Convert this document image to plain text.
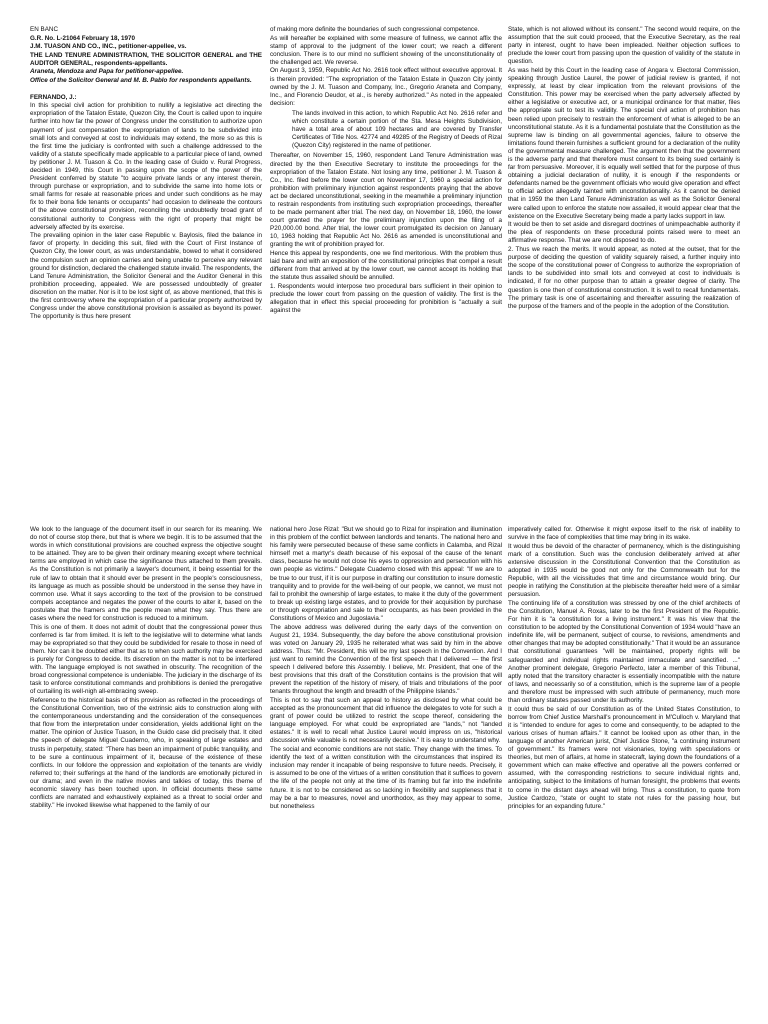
EN BANC

G.R. No. L-21064 February 18, 1970

J.M. TUASON AND CO., INC., petitioner-appellee, vs.

THE LAND TENURE ADMINISTRATION, THE SOLICITOR GENERAL and THE AUDITOR GENERAL, respondents-appellants.

Araneta, Mendoza and Papa for petitioner-appellee.

Office of the Solicitor General and M. B. Pablo for respondents appellants.

FERNANDO, J.:

In this special civil action for prohibition to nullify a legislative act directing the expropriation of the Tatalon Estate, Quezon City, the Court is called upon to inquire further into how far the power of Congress under the constitution to authorize upon payment of just compensation the expropriation of lands to be subdivided into small lots and conveyed at cost to individuals may extend, the more so as this is the first time the judiciary is confronted with such a challenge addressed to the validity of a statute specifically made applicable to a particular piece of land, owned by petitioner J. M. Tuason & Co. In the leading case of Guido v. Rural Progress, decided in 1949, this Court in passing upon the scope of the power of the President conferred by statute "to acquire private lands or any interest therein, through purchase or expropriation, and to subdivide the same into home lots or small farms for resale at reasonable prices and under such conditions as he may fix to their bona fide tenants or occupants" had occasion to delineate the contours of the above constitutional provision, reconciling the undoubtedly broad grant of constitutional authority to Congress with the right of property that might be adversely affected by its exercise.

The prevailing opinion in the later case Republic v. Baylosis, filed the balance in favor of property. In deciding this suit, filed with the Court of First Instance of Quezon City, the lower court, as was understandable, bowed to what it considered the compulsion such an opinion carries and being unable to perceive any relevant ground for distinction, declared the challenged statute invalid. The respondents, the Land Tenure Administration, the Solicitor General and the Auditor General in this prohibition proceeding, appealed. We are possessed undoubtedly of greater discretion on the matter. Nor is it to be lost sight of, as above mentioned, that this is the first controversy where the expropriation of a particular property authorized by Congress under the above constitutional provision is assailed as beyond its power. The opportunity is thus here present

of making more definite the boundaries of such congressional competence.

As will hereafter be explained with some measure of fullness, we cannot affix the stamp of approval to the judgment of the lower court; we reach a different conclusion. There is to our mind no sufficient showing of the unconstitutionality of the challenged act. We reverse.

On August 3, 1959, Republic Act No. 2616 took effect without executive approval. It is therein provided: "The expropriation of the Tatalon Estate in Quezon City jointly owned by the J. M. Tuason and Company, Inc., Gregorio Araneta and Company, Inc., and Florencio Deudor, et al., is hereby authorized." As noted in the appealed decision:

The lands involved in this action, to which Republic Act No. 2616 refer and which constitute a certain portion of the Sta. Mesa Heights Subdivision, have a total area of about 109 hectares and are covered by Transfer Certificates of Title Nos. 42774 and 49285 of the Registry of Deeds of Rizal (Quezon City) registered in the name of petitioner.

Thereafter, on November 15, 1960, respondent Land Tenure Administration was directed by the then Executive Secretary to institute the proceedings for the expropriation of the Tatalon Estate. Not losing any time, petitioner J. M. Tuason & Co., Inc. filed before the lower court on November 17, 1960 a special action for prohibition with preliminary injunction against respondents praying that the above act be declared unconstitutional, seeking in the meanwhile a preliminary injunction to restrain respondents from instituting such expropriation proceedings, thereafter to be made permanent after trial. The next day, on November 18, 1960, the lower court granted the prayer for the preliminary injunction upon the filing of a P20,000.00 bond. After trial, the lower court promulgated its decision on January 10, 1963 holding that Republic Act No. 2616 as amended is unconstitutional and granting the writ of prohibition prayed for.

Hence this appeal by respondents, one we find meritorious. With the problem thus laid bare and with an exposition of the constitutional principles that compel a result different from that arrived at by the lower court, we cannot accept its holding that the statute thus assailed should be annulled.

1. Respondents would interpose two procedural bars sufficient in their opinion to preclude the lower court from passing on the question of validity. The first is the allegation that in effect this special proceeding for prohibition is "actually a suit against the

State, which is not allowed without its consent." The second would require, on the assumption that the suit could proceed, that the Executive Secretary, as the real party in interest, ought to have been impleaded. Neither objection suffices to preclude the lower court from passing upon the question of validity of the statute in question.

As was held by this Court in the leading case of Angara v. Electoral Commission, speaking through Justice Laurel, the power of judicial review is granted, if not expressly, at least by clear implication from the relevant provisions of the Constitution. This power may be exercised when the party adversely affected by either a legislative or executive act, or a municipal ordinance for that matter, files the appropriate suit to test its validity. The special civil action of prohibition has been relied upon precisely to restrain the enforcement of what is alleged to be an unconstitutional statute. As it is a fundamental postulate that the Constitution as the supreme law is binding on all governmental agencies, failure to observe the limitations found therein furnishes a sufficient ground for a declaration of the nullity of the governmental measure challenged. The argument then that the government is the adverse party and that therefore must consent to its being sued certainly is far from persuasive. Moreover, it is equally well settled that for the purpose of thus obtaining a judicial declaration of nullity, it is enough if the respondents or defendants named be the government officials who would give operation and effect to official action allegedly tainted with unconstitutionality. As it cannot be denied that in 1959 the then Land Tenure Administration as well as the Solicitor General were called upon to enforce the statute now assailed, it would appear clear that the existence on the Executive Secretary being made a party lacks support in law.

It would be then to set aside and disregard doctrines of unimpeachable authority if the plea of respondents on these procedural points raised were to meet an affirmative response. That we are not disposed to do.

2. Thus we reach the merits. It would appear, as noted at the outset, that for the purpose of deciding the question of validity squarely raised, a further inquiry into the scope of the constitutional power of Congress to authorize the expropriation of lands to be subdivided into small lots and conveyed at cost to individuals is indicated, if for no other purpose than to attain a greater degree of clarity. The question is one then of constitutional construction. It is well to recall fundamentals. The primary task is one of ascertaining and thereafter assuring the realization of the purpose of the framers and of the people in the adoption of the Constitution.

We look to the language of the document itself in our search for its meaning. We do not of course stop there, but that is where we begin. It is to be assumed that the words in which constitutional provisions are couched express the objective sought to be attained. They are to be given their ordinary meaning except where technical terms are employed in which case the significance thus attached to them prevails. As the Constitution is not primarily a lawyer's document, it being essential for the rule of law to obtain that it should ever be present in the people's consciousness, its language as much as possible should be understood in the sense they have in common use. What it says according to the text of the provision to be construed compels acceptance and negates the power of the courts to alter it, based on the postulate that the framers and the people mean what they say. Thus there are cases where the need for construction is reduced to a minimum.

This is one of them. It does not admit of doubt that the congressional power thus conferred is far from limited. It is left to the legislative will to determine what lands may be expropriated so that they could be subdivided for resale to those in need of them. Nor can it be doubted either that as to when such authority may be exercised is purely for Congress to decide. Its discretion on the matter is not to be interfered with. The language employed is not swathed in obscurity. The recognition of the broad congressional competence is undeniable. The judiciary in the discharge of its task to enforce constitutional commands and prohibitions is denied the prerogative of curtailing its well-nigh all-embracing sweep.

Reference to the historical basis of this provision as reflected in the proceedings of the Constitutional Convention, two of the extrinsic aids to construction along with the contemporaneous understanding and the consideration of the consequences that flow from the interpretation under consideration, yields additional light on the matter. The opinion of Justice Tuason, in the Guido case did precisely that. It cited the speech of delegate Miguel Cuaderno, who, in speaking of large estates and trusts in perpetuity, stated: "There has been an impairment of public tranquility, and to be sure a continuous impairment of it, because of the existence of these conflicts. In our folklore the oppression and exploitation of the tenants are vividly referred to; their sufferings at the hand of the landlords are emotionally pictured in our drama; and even in the native movies and talkies of today, this theme of economic slavery has been touched upon. In official documents these same conflicts are narrated and exhaustively explained as a threat to social order and stability." He invoked likewise what happened to the family of our

national hero Jose Rizal: "But we should go to Rizal for inspiration and illumination in this problem of the conflict between landlords and tenants. The national hero and his family were persecuted because of these same conflicts in Calamba, and Rizal himself met a martyr's death because of his exposal of the cause of the tenant class, because he would not close his eyes to oppression and persecution with his own people as victims." Delegate Cuaderno closed with this appeal: "If we are to be true to our trust, if it is our purpose in drafting our constitution to insure domestic tranquility and to provide for the well-being of our people, we cannot, we must not fail to prohibit the ownership of large estates, to make it the duty of the government to break up existing large estates, and to provide for their acquisition by purchase or through expropriation and sale to their occupants, as has been provided in the Constitutions of Mexico and Jugoslavia."

The above address was delivered during the early days of the convention on August 21, 1934. Subsequently, the day before the above constitutional provision was voted on January 29, 1935 he reiterated what was said by him in the above address. Thus: "Mr. President, this will be my last speech in the Convention. And I just want to remind the Convention of the first speech that I delivered — the first speech I delivered before this Assembly. I believe, Mr. President, that one of the best provisions that this draft of the Constitution contains is the provision that will prevent the repetition of the history of misery, of trials and tribulations of the poor tenants throughout the length and breadth of the Philippine Islands."

This is not to say that such an appeal to history as disclosed by what could be accepted as the pronouncement that did influence the delegates to vote for such a grant of power could be utilized to restrict the scope thereof, considering the language employed. For what could be expropriated are "lands," not "landed estates." It is well to recall what Justice Laurel would impress on us, "historical discussion while valuable is not necessarily decisive." It is easy to understand why.

The social and economic conditions are not static. They change with the times. To identify the text of a written constitution with the circumstances that inspired its inclusion may render it incapable of being responsive to future needs. Precisely, it is assumed to be one of the virtues of a written constitution that it suffices to govern the life of the people not only at the time of its framing but far into the indefinite future. It is not to be considered as so lacking in flexibility and suppleness that it may be a bar to measures, novel and unorthodox, as they may appear to some, but nonetheless

imperatively called for. Otherwise it might expose itself to the risk of inability to survive in the face of complexities that time may bring in its wake.

It would thus be devoid of the character of permanency, which is the distinguishing mark of a constitution. Such was the conclusion deliberately arrived at after extensive discussion in the Constitutional Convention that the Constitution as adopted in 1935 would be good not only for the Commonwealth but for the Republic, with all the vicissitudes that time and circumstance would bring. Our people in ratifying the Constitution at the plebiscite thereafter held were of a similar persuasion.

The continuing life of a constitution was stressed by one of the chief architects of the Constitution, Manuel A. Roxas, later to be the first President of the Republic. For him it is "a constitution for a living instrument." It was his view that the constitution to be adopted by the Constitutional Convention of 1934 would "have an indefinite life, will be permanent, subject of course, to revisions, amendments and other changes that may be adopted constitutionally." That it would be an assurance that constitutional guarantees "will be maintained, property rights will be safeguarded and individual rights maintained immaculate and sanctified. ..." Another prominent delegate, Gregorio Perfecto, later a member of this Tribunal, aptly noted that the transitory character is essentially incompatible with the nature of laws, and necessarily so of a constitution, which is the supreme law of a people and therefore must be impressed with such attribute of permanency, much more than ordinary statutes passed under its authority.

It could thus be said of our Constitution as of the United States Constitution, to borrow from Chief Justice Marshall's pronouncement in M'Culloch v. Maryland that it is "intended to endure for ages to come and consequently, to be adapted to the various crises of human affairs." It cannot be looked upon as other than, in the language of another American jurist, Chief Justice Stone, "a continuing instrument of government." Its framers were not visionaries, toying with speculations or theories, but men of affairs, at home in statecraft, laying down the foundations of a government which can make effective and operative all the powers conferred or assumed, with the corresponding restrictions to secure individual rights and, anticipating, subject to the limitations of human foresight, the problems that events to come in the distant days ahead will bring. Thus a constitution, to quote from Justice Cardozo, "state or ought to state not rules for the passing hour, but principles for an expanding future."
